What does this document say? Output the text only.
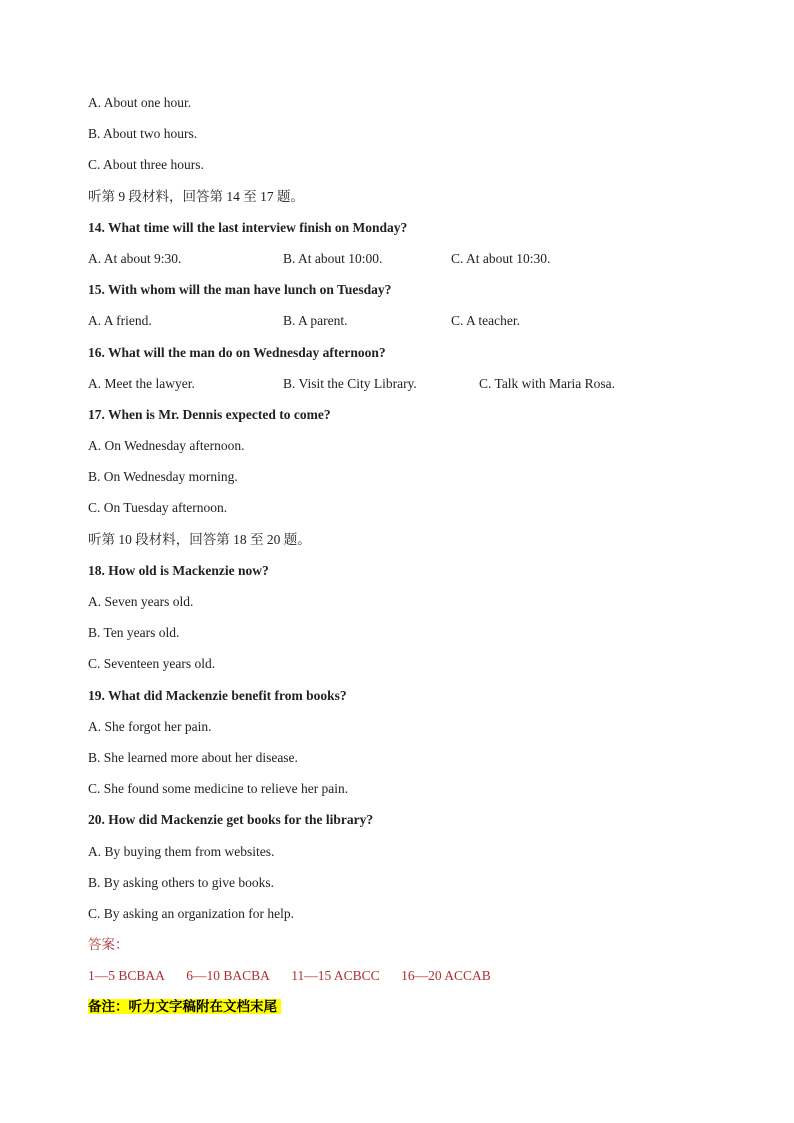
A. About one hour.
B. About two hours.
C. About three hours.
听第 9 段材料，回答第 14 至 17 题。
14. What time will the last interview finish on Monday?
A. At about 9:30.	B. At about 10:00.	C. At about 10:30.
15. With whom will the man have lunch on Tuesday?
A. A friend.	B. A parent.	C. A teacher.
16. What will the man do on Wednesday afternoon?
A. Meet the lawyer.	B. Visit the City Library.	C. Talk with Maria Rosa.
17. When is Mr. Dennis expected to come?
A. On Wednesday afternoon.
B. On Wednesday morning.
C. On Tuesday afternoon.
听第 10 段材料，回答第 18 至 20 题。
18. How old is Mackenzie now?
A. Seven years old.
B. Ten years old.
C. Seventeen years old.
19. What did Mackenzie benefit from books?
A. She forgot her pain.
B. She learned more about her disease.
C. She found some medicine to relieve her pain.
20. How did Mackenzie get books for the library?
A. By buying them from websites.
B. By asking others to give books.
C. By asking an organization for help.
答案：
1—5 BCBAA 6—10 BACBA 11—15 ACBCC 16—20 ACCAB
备注：听力文字稿附在文档末尾
